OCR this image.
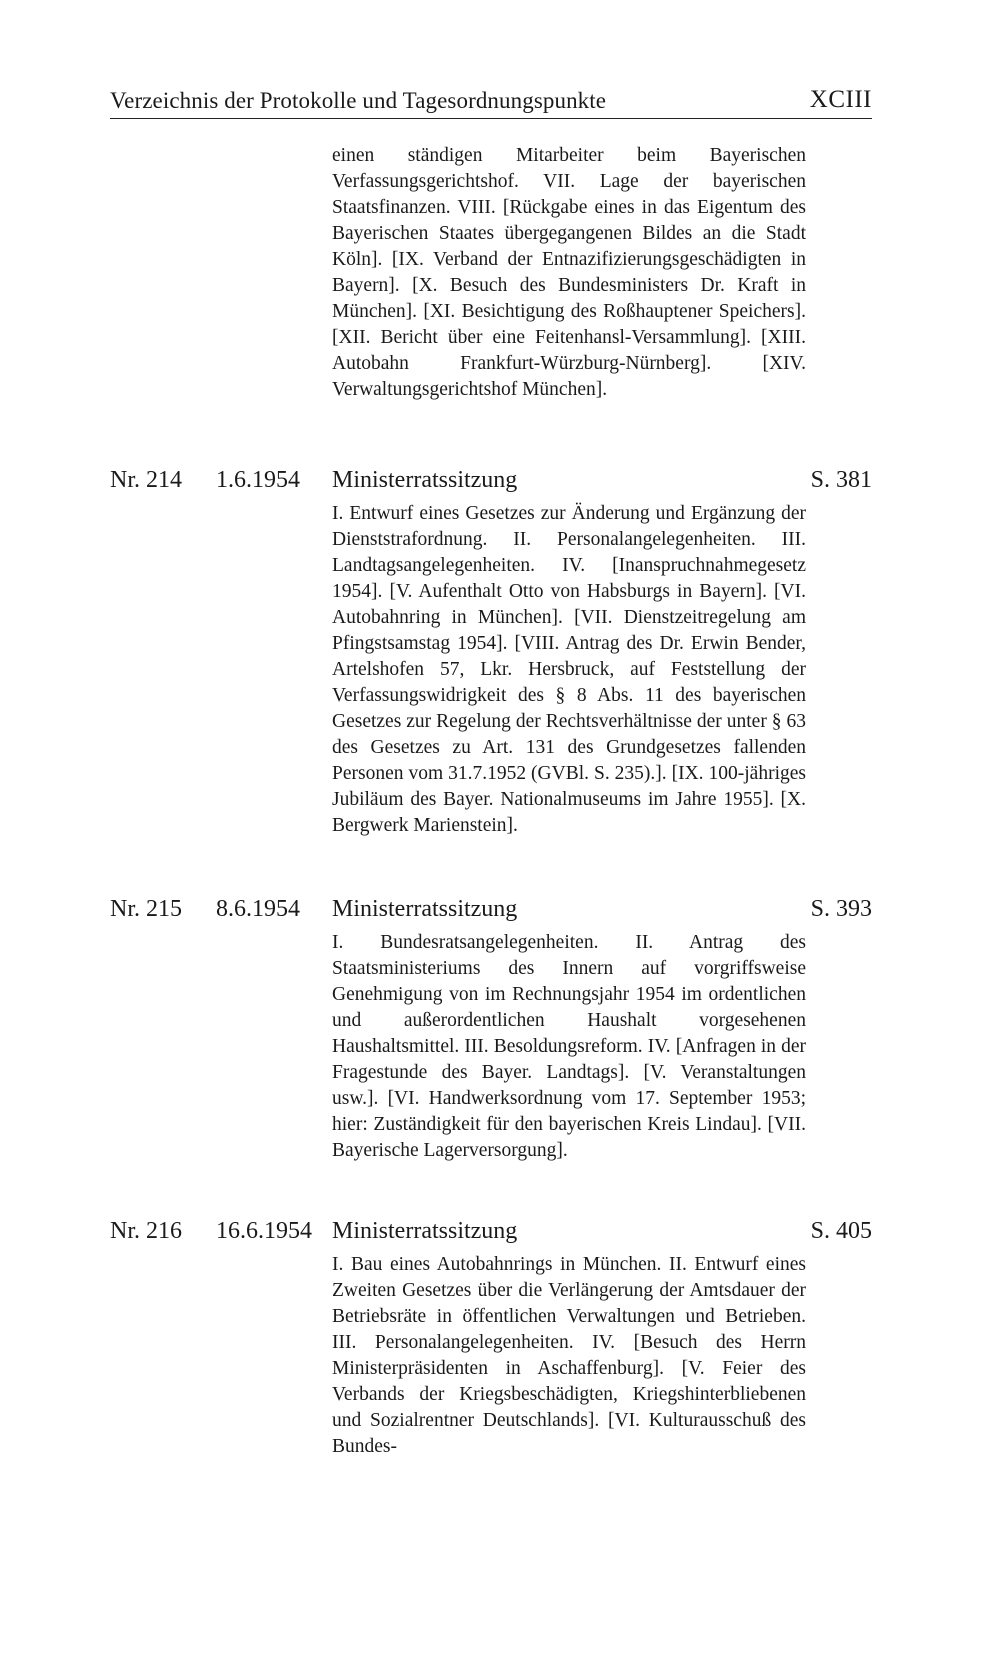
Verzeichnis der Protokolle und Tagesordnungspunkte	XCIII

einen ständigen Mitarbeiter beim Bayerischen Verfassungsgerichtshof. VII. Lage der bayerischen Staatsfinanzen. VIII. [Rückgabe eines in das Eigentum des Bayerischen Staates übergegangenen Bildes an die Stadt Köln]. [IX. Verband der Entnazifizierungsgeschädigten in Bayern]. [X. Besuch des Bundesministers Dr. Kraft in München]. [XI. Besichtigung des Roßhauptener Speichers]. [XII. Bericht über eine Feitenhansl-Versammlung]. [XIII. Autobahn Frankfurt-Würzburg-Nürnberg]. [XIV. Verwaltungsgerichtshof München].

Nr. 214 1.6.1954 Ministerratssitzung	S. 381

I. Entwurf eines Gesetzes zur Änderung und Ergänzung der Dienststrafordnung. II. Personalangelegenheiten. III. Landtagsangelegenheiten. IV. [Inanspruchnahmegesetz 1954]. [V. Aufenthalt Otto von Habsburgs in Bayern]. [VI. Autobahnring in München]. [VII. Dienstzeitregelung am Pfingstsamstag 1954]. [VIII. Antrag des Dr. Erwin Bender, Artelshofen 57, Lkr. Hersbruck, auf Feststellung der Verfassungswidrigkeit des § 8 Abs. 11 des bayerischen Gesetzes zur Regelung der Rechtsverhältnisse der unter § 63 des Gesetzes zu Art. 131 des Grundgesetzes fallenden Personen vom 31.7.1952 (GVBl. S. 235).]. [IX. 100-jähriges Jubiläum des Bayer. Nationalmuseums im Jahre 1955]. [X. Bergwerk Marienstein].

Nr. 215 8.6.1954 Ministerratssitzung	S. 393

I. Bundesratsangelegenheiten. II. Antrag des Staatsministeriums des Innern auf vorgriffsweise Genehmigung von im Rechnungsjahr 1954 im ordentlichen und außerordentlichen Haushalt vorgesehenen Haushaltsmittel. III. Besoldungsreform. IV. [Anfragen in der Fragestunde des Bayer. Landtags]. [V. Veranstaltungen usw.]. [VI. Handwerksordnung vom 17. September 1953; hier: Zuständigkeit für den bayerischen Kreis Lindau]. [VII. Bayerische Lagerversorgung].

Nr. 216 16.6.1954 Ministerratssitzung	S. 405

I. Bau eines Autobahnrings in München. II. Entwurf eines Zweiten Gesetzes über die Verlängerung der Amtsdauer der Betriebsräte in öffentlichen Verwaltungen und Betrieben. III. Personalangelegenheiten. IV. [Besuch des Herrn Ministerpräsidenten in Aschaffenburg]. [V. Feier des Verbands der Kriegsbeschädigten, Kriegshinterbliebenen und Sozialrentner Deutschlands]. [VI. Kulturausschuß des Bundes-
